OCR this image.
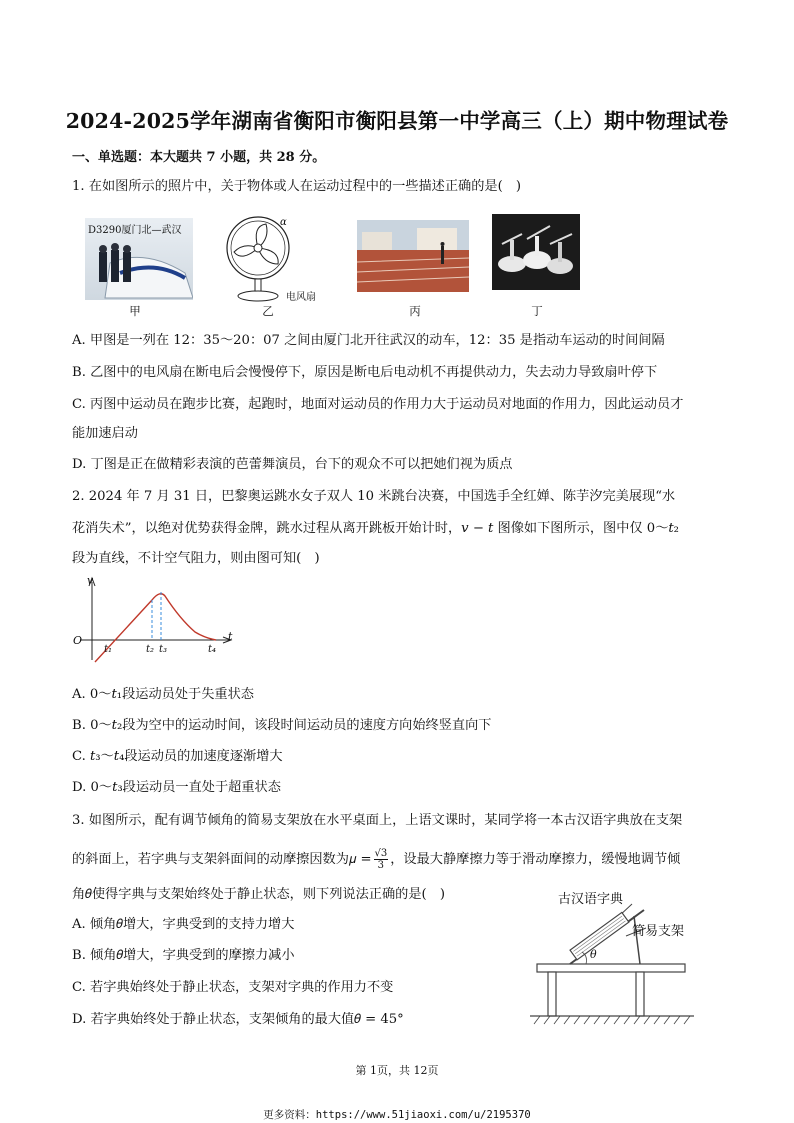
2024-2025学年湖南省衡阳市衡阳县第一中学高三（上）期中物理试卷
一、单选题：本大题共 7 小题，共 28 分。
1. 在如图所示的照片中，关于物体或人在运动过程中的一些描述正确的是(　)
D3290厦门北—武汉
甲
α
电风扇
乙	丙	丁
A. 甲图是一列在 12：35～20：07 之间由厦门北开往武汉的动车，12：35 是指动车运动的时间间隔
B. 乙图中的电风扇在断电后会慢慢停下，原因是断电后电动机不再提供动力，失去动力导致扇叶停下
C. 丙图中运动员在跑步比赛，起跑时，地面对运动员的作用力大于运动员对地面的作用力，因此运动员才
能加速启动
D. 丁图是正在做精彩表演的芭蕾舞演员，台下的观众不可以把她们视为质点
2. 2024 年 7 月 31 日，巴黎奥运跳水女子双人 10 米跳台决赛，中国选手全红婵、陈芋汐完美展现“水
花消失术”，以绝对优势获得金牌，跳水过程从离开跳板开始计时，𝑣 − 𝑡 图像如下图所示，图中仅 0～𝑡₂
段为直线，不计空气阻力，则由图可知(　)
v
t
O
t₁	t₂ t₃	t₄
A. 0～𝑡₁段运动员处于失重状态
B. 0～𝑡₂段为空中的运动时间，该段时间运动员的速度方向始终竖直向下
C. 𝑡₃～𝑡₄段运动员的加速度逐渐增大
D. 0～𝑡₃段运动员一直处于超重状态
3. 如图所示，配有调节倾角的简易支架放在水平桌面上，上语文课时，某同学将一本古汉语字典放在支架
的斜面上，若字典与支架斜面间的动摩擦因数为𝜇 = $\frac{√3}{3}$ ，设最大静摩擦力等于滑动摩擦力，缓慢地调节倾
角𝜃使得字典与支架始终处于静止状态，则下列说法正确的是(　)	古汉语字典
简易支架
θ
A. 倾角𝜃增大，字典受到的支持力增大
B. 倾角𝜃增大，字典受到的摩擦力减小
C. 若字典始终处于静止状态，支架对字典的作用力不变
D. 若字典始终处于静止状态，支架倾角的最大值𝜃 = 45°
第 1页，共 12页
更多资料：https://www.51jiaoxi.com/u/2195370
